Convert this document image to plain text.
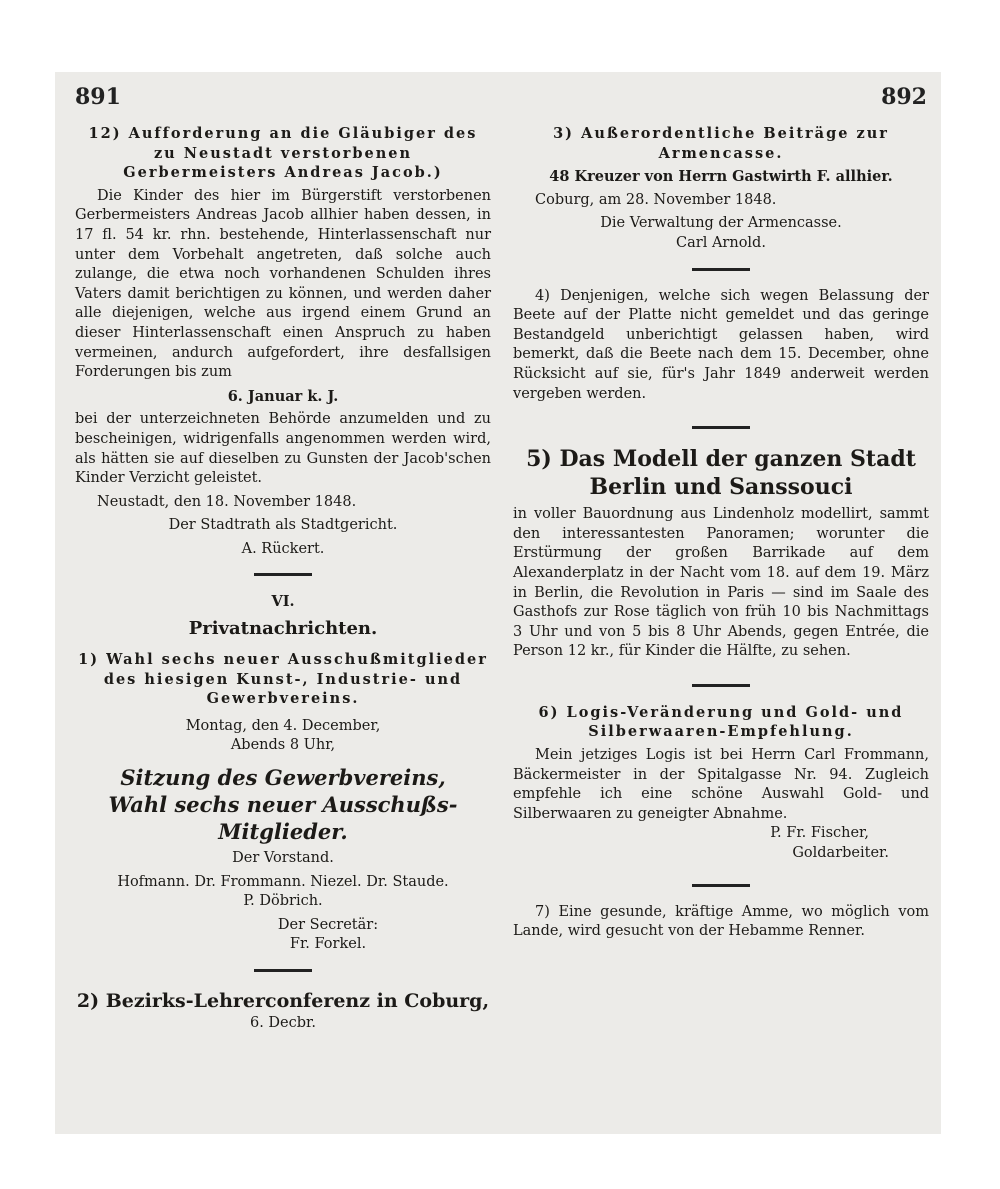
891	892

12) Aufforderung an die Gläubiger des zu Neustadt verstorbenen Gerbermeisters Andreas Jacob.)

Die Kinder des hier im Bürgerstift verstorbenen Gerbermeisters Andreas Jacob allhier haben dessen, in 17 fl. 54 kr. rhn. bestehende, Hinterlassenschaft nur unter dem Vorbehalt angetreten, daß solche auch zulange, die etwa noch vorhandenen Schulden ihres Vaters damit berichtigen zu können, und werden daher alle diejenigen, welche aus irgend einem Grund an dieser Hinterlassenschaft einen Anspruch zu haben vermeinen, andurch aufgefordert, ihre desfallsigen Forderungen bis zum

6. Januar k. J.

bei der unterzeichneten Behörde anzumelden und zu bescheinigen, widrigenfalls angenommen werden wird, als hätten sie auf dieselben zu Gunsten der Jacob'schen Kinder Verzicht geleistet.

Neustadt, den 18. November 1848.

Der Stadtrath als Stadtgericht.

A. Rückert.

VI.

Privatnachrichten.

1) Wahl sechs neuer Ausschußmitglieder des hiesigen Kunst-, Industrie- und Gewerbvereins.

Montag, den 4. December,

Abends 8 Uhr,

Sitzung des Gewerbvereins,

Wahl sechs neuer Ausschußs-

Mitglieder.

Der Vorstand.

Hofmann. Dr. Frommann. Niezel. Dr. Staude.

P. Döbrich.

Der Secretär:

Fr. Forkel.

2) Bezirks-Lehrerconferenz in Coburg,

6. Decbr.

3) Außerordentliche Beiträge zur Armencasse.

48 Kreuzer von Herrn Gastwirth F. allhier.

Coburg, am 28. November 1848.

Die Verwaltung der Armencasse.

Carl Arnold.

4) Denjenigen, welche sich wegen Belassung der Beete auf der Platte nicht gemeldet und das geringe Bestandgeld unberichtigt gelassen haben, wird bemerkt, daß die Beete nach dem 15. December, ohne Rücksicht auf sie, für's Jahr 1849 anderweit werden vergeben werden.

5) Das Modell der ganzen Stadt

Berlin und Sanssouci

in voller Bauordnung aus Lindenholz modellirt, sammt den interessantesten Panoramen; worunter die Erstürmung der großen Barrikade auf dem Alexanderplatz in der Nacht vom 18. auf dem 19. März in Berlin, die Revolution in Paris — sind im Saale des Gasthofs zur Rose täglich von früh 10 bis Nachmittags 3 Uhr und von 5 bis 8 Uhr Abends, gegen Entrée, die Person 12 kr., für Kinder die Hälfte, zu sehen.

6) Logis-Veränderung und Gold- und Silberwaaren-Empfehlung.

Mein jetziges Logis ist bei Herrn Carl Frommann, Bäckermeister in der Spitalgasse Nr. 94. Zugleich empfehle ich eine schöne Auswahl Gold- und Silberwaaren zu geneigter Abnahme.

P. Fr. Fischer,

Goldarbeiter.

7) Eine gesunde, kräftige Amme, wo möglich vom Lande, wird gesucht von der Hebamme Renner.
